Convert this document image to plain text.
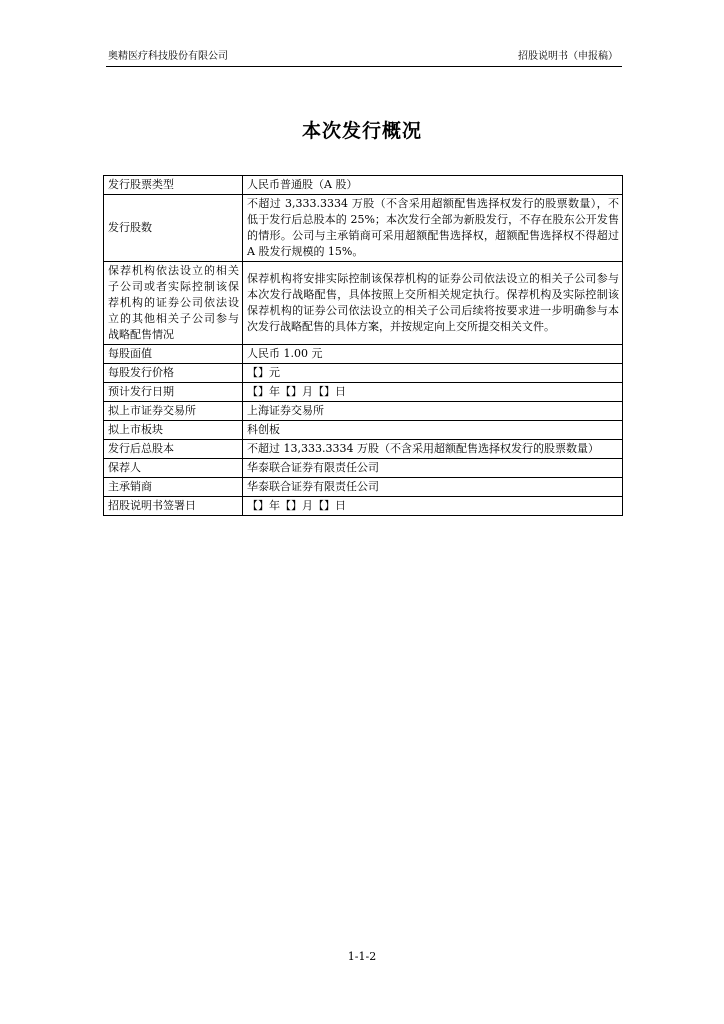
奥精医疗科技股份有限公司	招股说明书（申报稿）
本次发行概况
发行股票类型	人民币普通股（A 股）
发行股数	不超过 3,333.3334 万股（不含采用超额配售选择权发行的股票数量），不低于发行后总股本的 25%；本次发行全部为新股发行，不存在股东公开发售的情形。公司与主承销商可采用超额配售选择权，超额配售选择权不得超过 A 股发行规模的 15%。
保荐机构依法设立的相关子公司或者实际控制该保荐机构的证券公司依法设立的其他相关子公司参与战略配售情况	保荐机构将安排实际控制该保荐机构的证券公司依法设立的相关子公司参与本次发行战略配售，具体按照上交所相关规定执行。保荐机构及实际控制该保荐机构的证券公司依法设立的相关子公司后续将按要求进一步明确参与本次发行战略配售的具体方案，并按规定向上交所提交相关文件。
每股面值	人民币 1.00 元
每股发行价格	【】元
预计发行日期	【】年【】月【】日
拟上市证券交易所	上海证券交易所
拟上市板块	科创板
发行后总股本	不超过 13,333.3334 万股（不含采用超额配售选择权发行的股票数量）
保荐人	华泰联合证券有限责任公司
主承销商	华泰联合证券有限责任公司
招股说明书签署日	【】年【】月【】日
1-1-2
